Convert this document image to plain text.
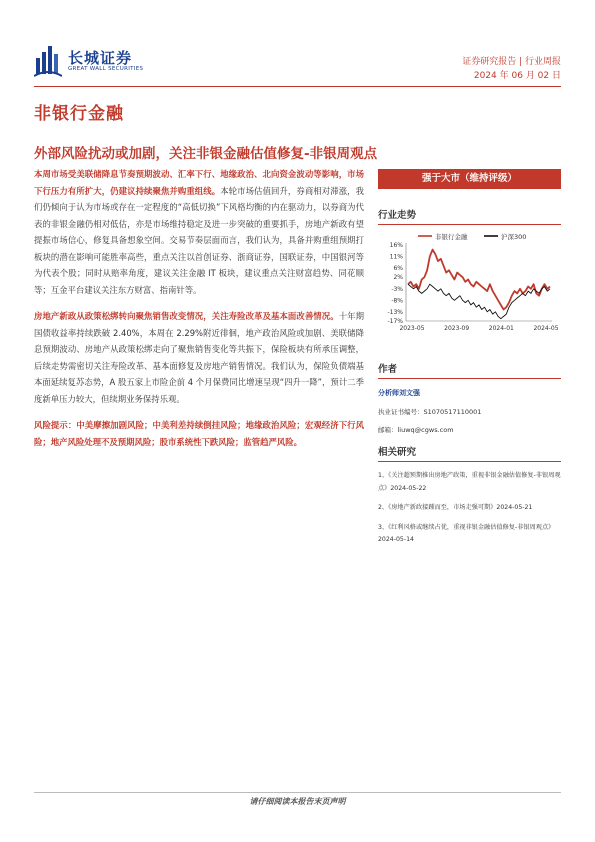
长城证券
GREAT WALL SECURITIES
证券研究报告 | 行业周报
2024 年 06 月 02 日
非银行金融
外部风险扰动或加剧，关注非银金融估值修复-非银周观点

本周市场受美联储降息节奏预期波动、汇率下行、地缘政治、北向资金波动等影响，市场下行压力有所扩大，仍建议持续聚焦并购重组线。本轮市场估值回升，券商相对滞涨，我们仍倾向于认为市场或存在一定程度的“高低切换”下风格均衡的内在驱动力，以券商为代表的非银金融仍相对低估，亦是市场维持稳定及进一步突破的重要抓手，房地产新政有望提振市场信心，修复具备想象空间。交易节奏层面而言，我们认为，具备并购重组预期打板块的潜在影响可能胜率高些，重点关注以首创证券、浙商证券，国联证券，中国银河等为代表个股；同时从赔率角度，建议关注金融 IT 板块，建议重点关注财富趋势、同花顺等；互金平台建议关注东方财富、指南针等。

房地产新政从政策松绑转向聚焦销售改变情况，关注寿险改革及基本面改善情况。十年期国债收益率持续跌破 2.40%，本周在 2.29%附近徘徊，地产政治风险或加剧、美联储降息预期波动、房地产从政策松绑走向了聚焦销售变化等共振下，保险板块有所承压调整，后续走势需密切关注寿险改革、基本面修复及房地产销售情况。我们认为，保险负债端基本面延续复苏态势，A 股五家上市险企前 4 个月保费同比增速呈现“四升一降”，预计二季度新单压力较大，但续期业务保持乐观。

风险提示：中美摩擦加剧风险；中美利差持续倒挂风险；地缘政治风险；宏观经济下行风险；地产风险处理不及预期风险；股市系统性下跌风险；监管趋严风险。

强于大市（维持评级）
行业走势
非银行金融	沪深300
16%
11%
6%
2%
-3%
-8%
-13%
-17%
2023-05	2023-09	2024-01	2024-05
作者
分析师刘文强
执业证书编号：S1070517110001
邮箱：liuwq@cgws.com
相关研究
1、《关注超预期推出房地产政策，重视非银金融估值修复-非银周观点》2024-05-22
2、《房地产新政接踵而至，市场走强可期》2024-05-21
3、《红利风格或继续占优，重视非银金融估值修复-非银周观点》2024-05-14
请仔细阅读本报告末页声明
